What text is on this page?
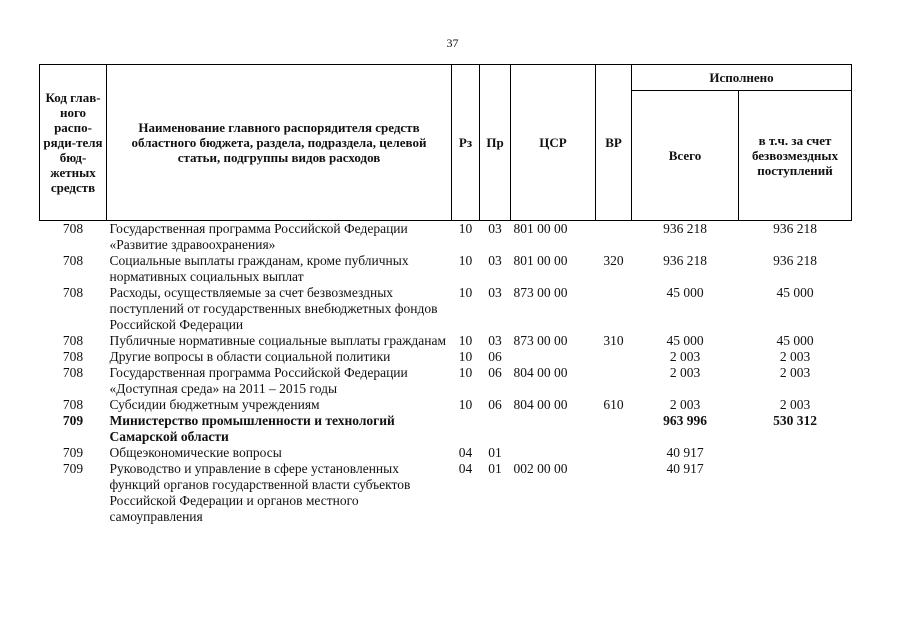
37
Код глав-ного распо-ряди-теля бюд-жетных средств	Наименование главного распорядителя средств областного бюджета, раздела, подраздела, целевой статьи, подгруппы видов расходов	Рз	Пр	ЦСР	ВР	Исполнено	
						Всего	в т.ч. за счет безвозмездных поступлений
708	Государственная программа Российской Федерации «Развитие здравоохранения»	10	03	801 00 00		936 218	936 218
708	Социальные выплаты гражданам, кроме публичных нормативных социальных выплат	10	03	801 00 00	320	936 218	936 218
708	Расходы, осуществляемые за счет безвозмездных поступлений от государственных внебюджетных фондов Российской Федерации	10	03	873 00 00		45 000	45 000
708	Публичные нормативные социальные выплаты гражданам	10	03	873 00 00	310	45 000	45 000
708	Другие вопросы в области социальной политики	10	06			2 003	2 003
708	Государственная программа Российской Федерации «Доступная среда» на 2011 – 2015 годы	10	06	804 00 00		2 003	2 003
708	Субсидии бюджетным учреждениям	10	06	804 00 00	610	2 003	2 003
709	Министерство промышленности и технологий Самарской области					963 996	530 312
709	Общеэкономические вопросы	04	01			40 917	
709	Руководство и управление в сфере установленных функций органов государственной власти субъектов Российской Федерации и органов местного самоуправления	04	01	002 00 00		40 917	
